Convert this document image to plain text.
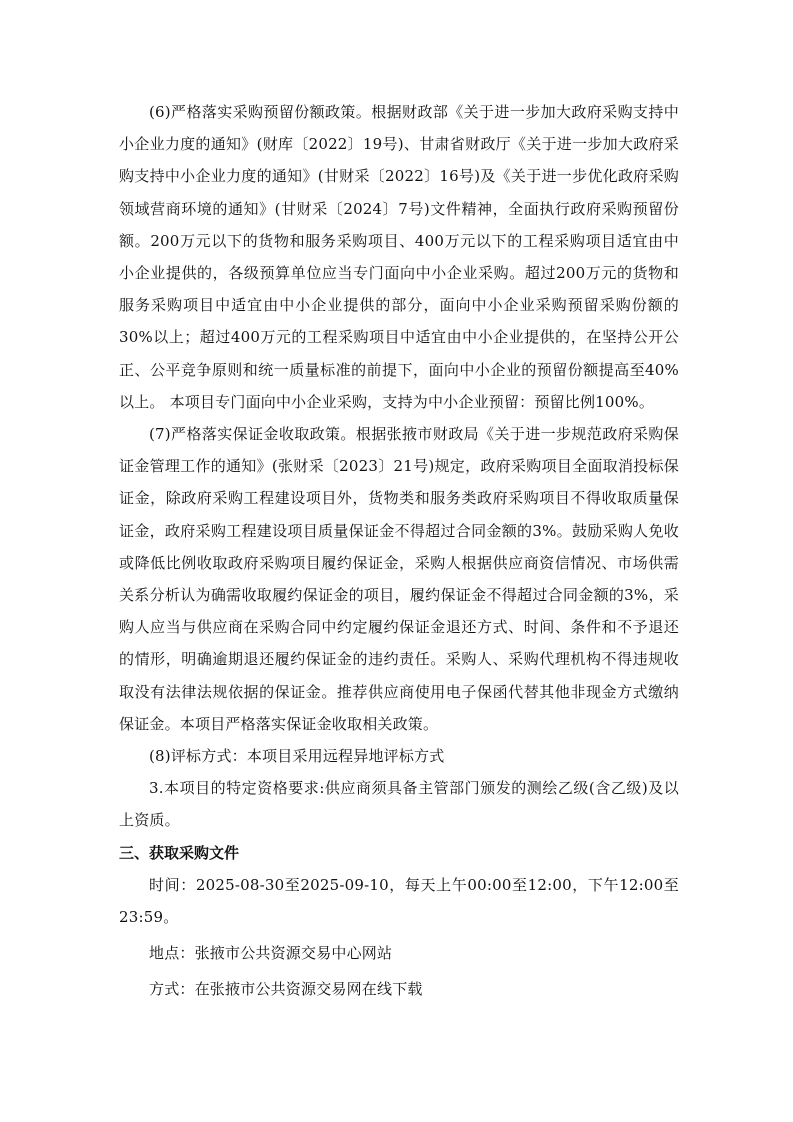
(6)严格落实采购预留份额政策。根据财政部《关于进一步加大政府采购支持中小企业力度的通知》(财库〔2022〕19号)、甘肃省财政厅《关于进一步加大政府采购支持中小企业力度的通知》(甘财采〔2022〕16号)及《关于进一步优化政府采购领域营商环境的通知》(甘财采〔2024〕7号)文件精神，全面执行政府采购预留份额。200万元以下的货物和服务采购项目、400万元以下的工程采购项目适宜由中小企业提供的，各级预算单位应当专门面向中小企业采购。超过200万元的货物和服务采购项目中适宜由中小企业提供的部分，面向中小企业采购预留采购份额的30%以上；超过400万元的工程采购项目中适宜由中小企业提供的，在坚持公开公正、公平竞争原则和统一质量标准的前提下，面向中小企业的预留份额提高至40%以上。 本项目专门面向中小企业采购，支持为中小企业预留：预留比例100%。

(7)严格落实保证金收取政策。根据张掖市财政局《关于进一步规范政府采购保证金管理工作的通知》(张财采〔2023〕21号)规定，政府采购项目全面取消投标保证金，除政府采购工程建设项目外，货物类和服务类政府采购项目不得收取质量保证金，政府采购工程建设项目质量保证金不得超过合同金额的3%。鼓励采购人免收或降低比例收取政府采购项目履约保证金，采购人根据供应商资信情况、市场供需关系分析认为确需收取履约保证金的项目，履约保证金不得超过合同金额的3%，采购人应当与供应商在采购合同中约定履约保证金退还方式、时间、条件和不予退还的情形，明确逾期退还履约保证金的违约责任。采购人、采购代理机构不得违规收取没有法律法规依据的保证金。推荐供应商使用电子保函代替其他非现金方式缴纳保证金。本项目严格落实保证金收取相关政策。

(8)评标方式：本项目采用远程异地评标方式

3.本项目的特定资格要求:供应商须具备主管部门颁发的测绘乙级(含乙级)及以上资质。

三、获取采购文件

时间：2025-08-30至2025-09-10，每天上午00:00至12:00，下午12:00至23:59。

地点：张掖市公共资源交易中心网站

方式：在张掖市公共资源交易网在线下载
